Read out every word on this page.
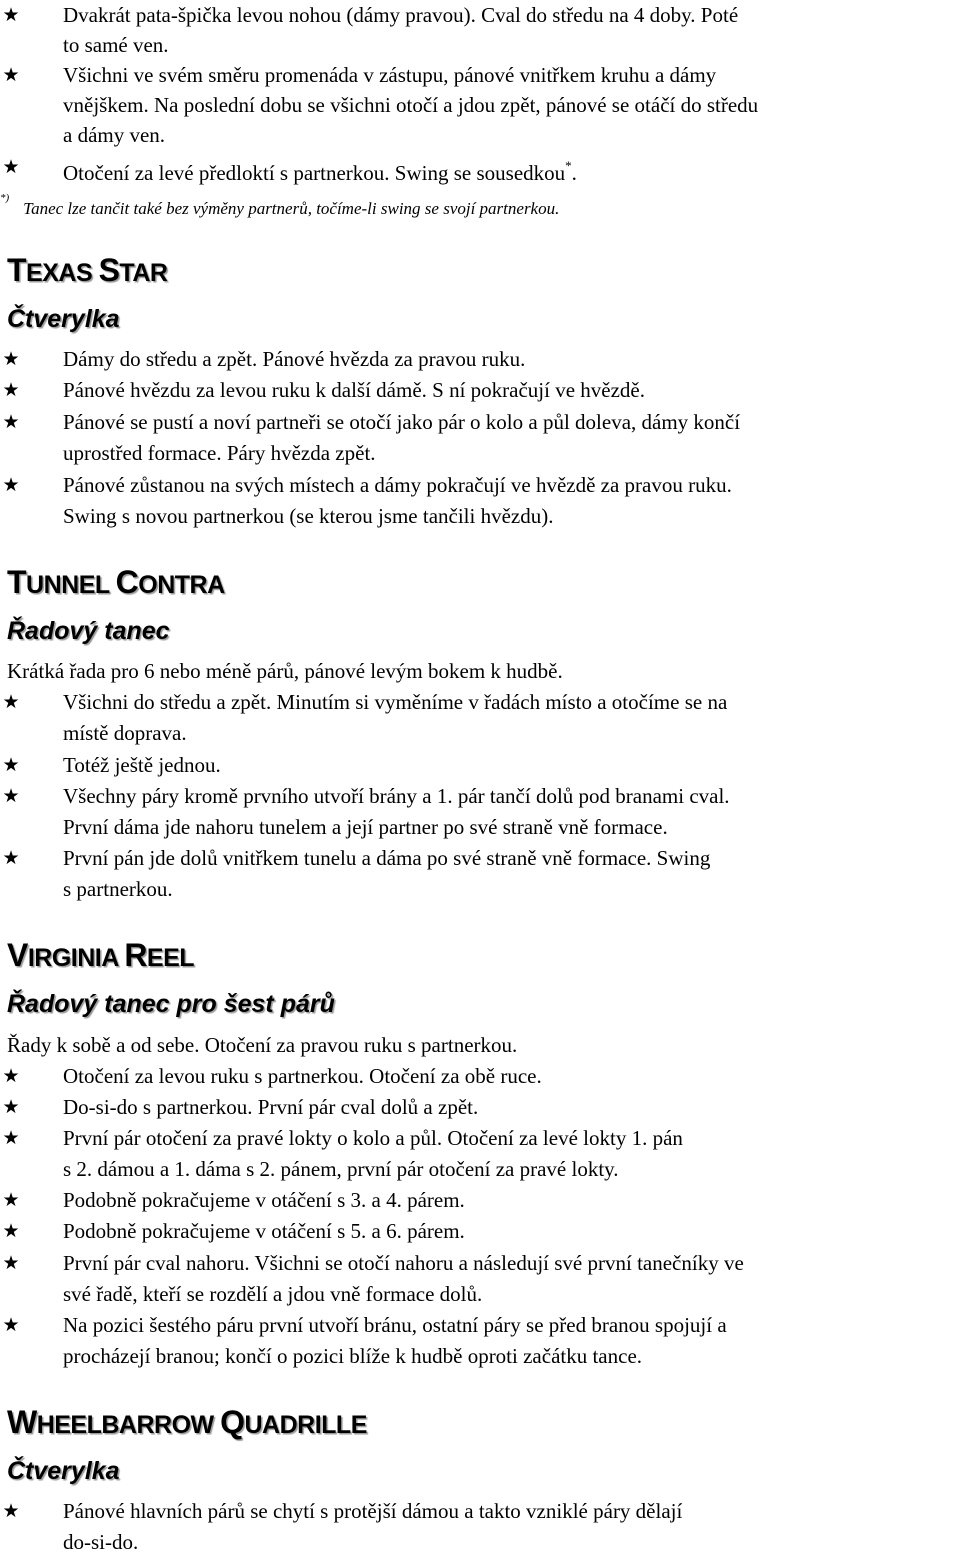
★ Dvakrát pata-špička levou nohou (dámy pravou). Cval do středu na 4 doby. Poté
to samé ven.
★ Všichni ve svém směru promenáda v zástupu, pánové vnitřkem kruhu a dámy
vnějškem. Na poslední dobu se všichni otočí a jdou zpět, pánové se otáčí do středu
a dámy ven.
★ Otočení za levé předloktí s partnerkou. Swing se sousedkou*.
*)Tanec lze tančit také bez výměny partnerů, točíme-li swing se svojí partnerkou.
TEXAS STAR
Čtverylka
★ Dámy do středu a zpět. Pánové hvězda za pravou ruku.
★ Pánové hvězdu za levou ruku k další dámě. S ní pokračují ve hvězdě.
★ Pánové se pustí a noví partneři se otočí jako pár o kolo a půl doleva, dámy končí
uprostřed formace. Páry hvězda zpět.
★ Pánové zůstanou na svých místech a dámy pokračují ve hvězdě za pravou ruku.
Swing s novou partnerkou (se kterou jsme tančili hvězdu).
TUNNEL CONTRA
Řadový tanec
Krátká řada pro 6 nebo méně párů, pánové levým bokem k hudbě.
★ Všichni do středu a zpět. Minutím si vyměníme v řadách místo a otočíme se na
místě doprava.
★ Totéž ještě jednou.
★ Všechny páry kromě prvního utvoří brány a 1. pár tančí dolů pod branami cval.
První dáma jde nahoru tunelem a její partner po své straně vně formace.
★ První pán jde dolů vnitřkem tunelu a dáma po své straně vně formace. Swing
s partnerkou.
VIRGINIA REEL
Řadový tanec pro šest párů
Řady k sobě a od sebe. Otočení za pravou ruku s partnerkou.
★ Otočení za levou ruku s partnerkou. Otočení za obě ruce.
★ Do-si-do s partnerkou. První pár cval dolů a zpět.
★ První pár otočení za pravé lokty o kolo a půl. Otočení za levé lokty 1. pán
s 2. dámou a 1. dáma s 2. pánem, první pár otočení za pravé lokty.
★ Podobně pokračujeme v otáčení s 3. a 4. párem.
★ Podobně pokračujeme v otáčení s 5. a 6. párem.
★ První pár cval nahoru. Všichni se otočí nahoru a následují své první tanečníky ve
své řadě, kteří se rozdělí a jdou vně formace dolů.
★ Na pozici šestého páru první utvoří bránu, ostatní páry se před branou spojují a
procházejí branou; končí o pozici blíže k hudbě oproti začátku tance.
WHEELBARROW QUADRILLE
Čtverylka
★ Pánové hlavních párů se chytí s protější dámou a takto vzniklé páry dělají
do-si-do.
